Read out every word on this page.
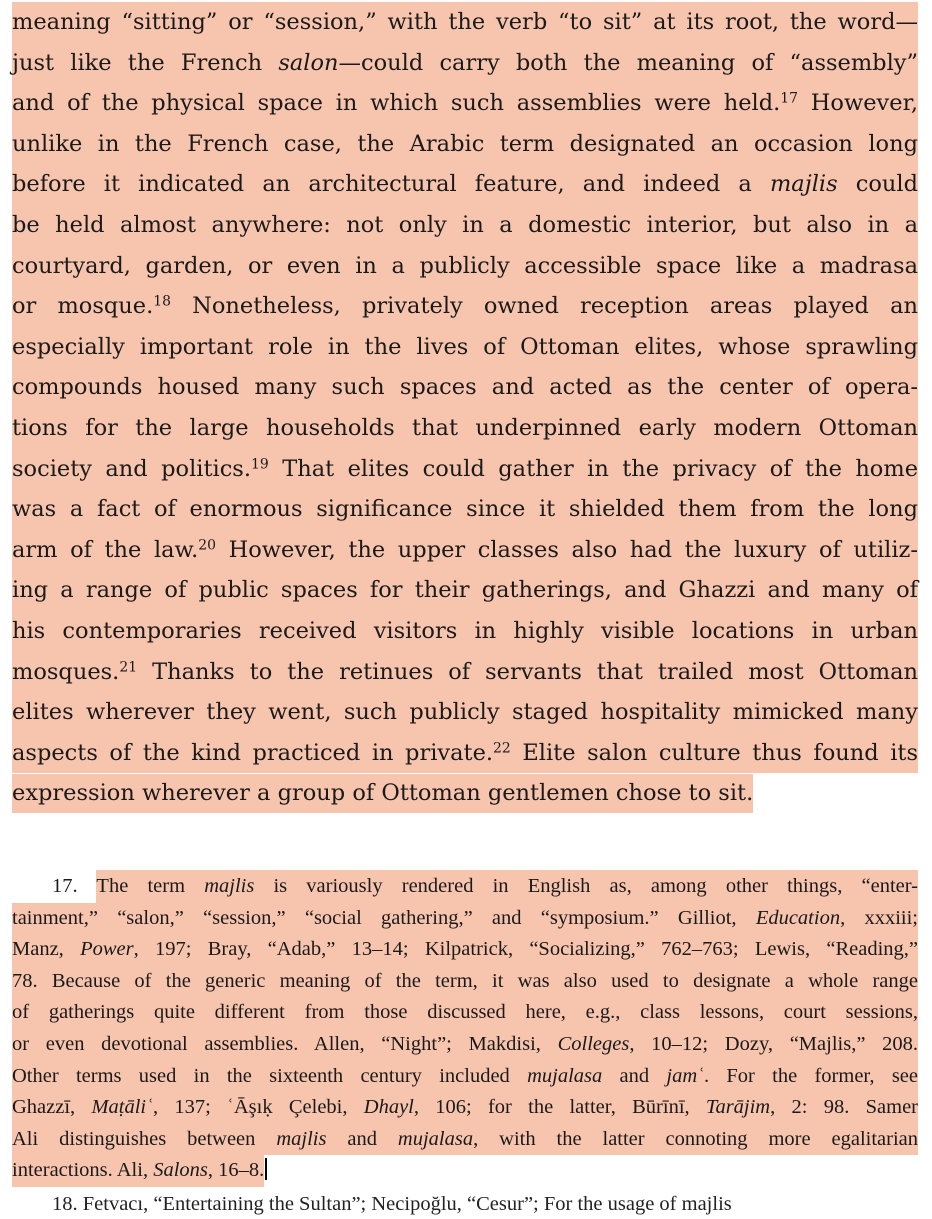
meaning “sitting” or “session,” with the verb “to sit” at its root, the word—
just like the French salon—could carry both the meaning of “assembly”
and of the physical space in which such assemblies were held.$^{17}$ However,
unlike in the French case, the Arabic term designated an occasion long
before it indicated an architectural feature, and indeed a majlis could
be held almost anywhere: not only in a domestic interior, but also in a
courtyard, garden, or even in a publicly accessible space like a madrasa
or mosque.$^{18}$ Nonetheless, privately owned reception areas played an
especially important role in the lives of Ottoman elites, whose sprawling
compounds housed many such spaces and acted as the center of opera-
tions for the large households that underpinned early modern Ottoman
society and politics.$^{19}$ That elites could gather in the privacy of the home
was a fact of enormous significance since it shielded them from the long
arm of the law.$^{20}$ However, the upper classes also had the luxury of utiliz-
ing a range of public spaces for their gatherings, and Ghazzi and many of
his contemporaries received visitors in highly visible locations in urban
mosques.$^{21}$ Thanks to the retinues of servants that trailed most Ottoman
elites wherever they went, such publicly staged hospitality mimicked many
aspects of the kind practiced in private.$^{22}$ Elite salon culture thus found its
expression wherever a group of Ottoman gentlemen chose to sit.
17. The term majlis is variously rendered in English as, among other things, “enter-
tainment,” “salon,” “session,” “social gathering,” and “symposium.” Gilliot, Education, xxxiii;
Manz, Power, 197; Bray, “Adab,” 13–14; Kilpatrick, “Socializing,” 762–763; Lewis, “Reading,”
78. Because of the generic meaning of the term, it was also used to designate a whole range
of gatherings quite different from those discussed here, e.g., class lessons, court sessions,
or even devotional assemblies. Allen, “Night”; Makdisi, Colleges, 10–12; Dozy, “Majlis,” 208.
Other terms used in the sixteenth century included mujalasa and jamʿ. For the former, see
Ghazzī, Maṭāliʿ, 137; ʿĀşıḳ Çelebi, Dhayl, 106; for the latter, Būrīnī, Tarājim, 2: 98. Samer
Ali distinguishes between majlis and mujalasa, with the latter connoting more egalitarian
interactions. Ali, Salons, 16–8.
18. Fetvacı, “Entertaining the Sultan”; Necipoğlu, “Cesur”; For the usage of majlis
